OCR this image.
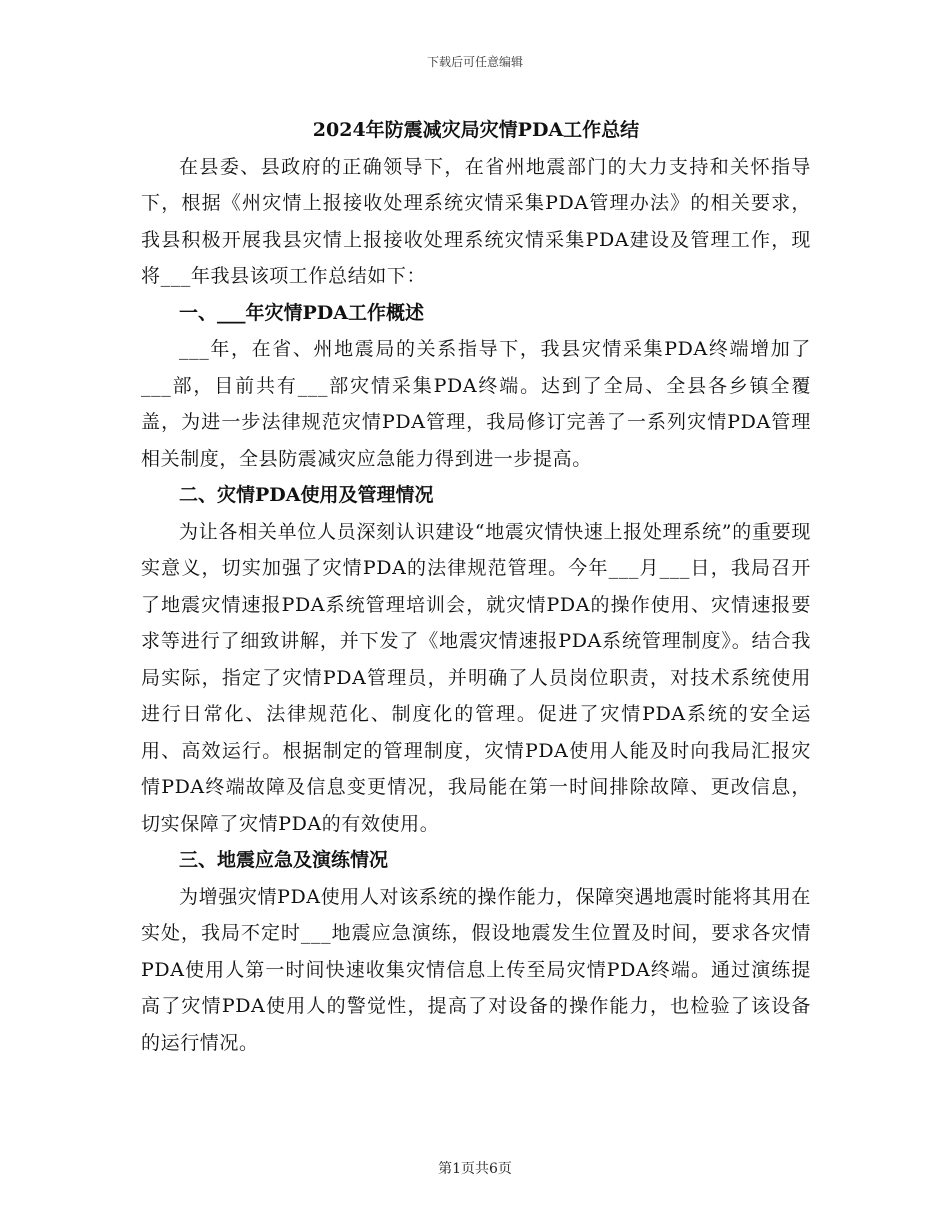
下载后可任意编辑
2024年防震减灾局灾情PDA工作总结

在县委、县政府的正确领导下，在省州地震部门的大力支持和关怀指导下，根据《州灾情上报接收处理系统灾情采集PDA管理办法》的相关要求，我县积极开展我县灾情上报接收处理系统灾情采集PDA建设及管理工作，现将___年我县该项工作总结如下：

一、___年灾情PDA工作概述

___年，在省、州地震局的关系指导下，我县灾情采集PDA终端增加了___部，目前共有___部灾情采集PDA终端。达到了全局、全县各乡镇全覆盖，为进一步法律规范灾情PDA管理，我局修订完善了一系列灾情PDA管理相关制度，全县防震减灾应急能力得到进一步提高。

二、灾情PDA使用及管理情况

为让各相关单位人员深刻认识建设“地震灾情快速上报处理系统”的重要现实意义，切实加强了灾情PDA的法律规范管理。今年___月___日，我局召开了地震灾情速报PDA系统管理培训会，就灾情PDA的操作使用、灾情速报要求等进行了细致讲解，并下发了《地震灾情速报PDA系统管理制度》。结合我局实际，指定了灾情PDA管理员，并明确了人员岗位职责，对技术系统使用进行日常化、法律规范化、制度化的管理。促进了灾情PDA系统的安全运用、高效运行。根据制定的管理制度，灾情PDA使用人能及时向我局汇报灾情PDA终端故障及信息变更情况，我局能在第一时间排除故障、更改信息，切实保障了灾情PDA的有效使用。

三、地震应急及演练情况

为增强灾情PDA使用人对该系统的操作能力，保障突遇地震时能将其用在实处，我局不定时___地震应急演练，假设地震发生位置及时间，要求各灾情PDA使用人第一时间快速收集灾情信息上传至局灾情PDA终端。通过演练提高了灾情PDA使用人的警觉性，提高了对设备的操作能力，也检验了该设备的运行情况。

第1页共6页
